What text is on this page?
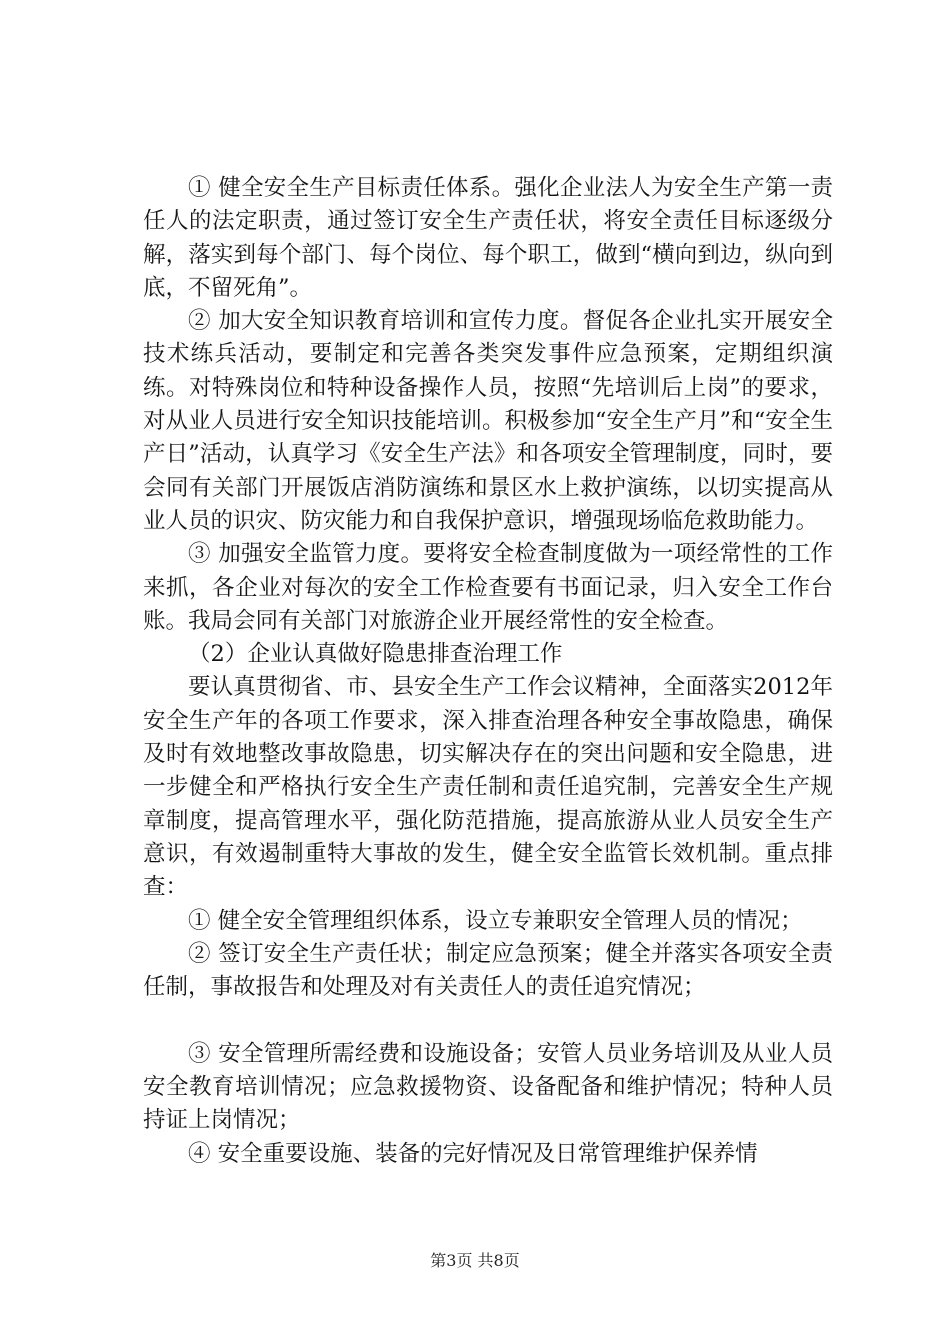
① 健全安全生产目标责任体系。强化企业法人为安全生产第一责任人的法定职责，通过签订安全生产责任状，将安全责任目标逐级分解，落实到每个部门、每个岗位、每个职工，做到“横向到边，纵向到底，不留死角”。

② 加大安全知识教育培训和宣传力度。督促各企业扎实开展安全技术练兵活动，要制定和完善各类突发事件应急预案，定期组织演练。对特殊岗位和特种设备操作人员，按照“先培训后上岗”的要求，对从业人员进行安全知识技能培训。积极参加“安全生产月”和“安全生产日”活动，认真学习《安全生产法》和各项安全管理制度，同时，要会同有关部门开展饭店消防演练和景区水上救护演练，以切实提高从业人员的识灾、防灾能力和自我保护意识，增强现场临危救助能力。

③ 加强安全监管力度。要将安全检查制度做为一项经常性的工作来抓，各企业对每次的安全工作检查要有书面记录，归入安全工作台账。我局会同有关部门对旅游企业开展经常性的安全检查。

（2）企业认真做好隐患排查治理工作

要认真贯彻省、市、县安全生产工作会议精神，全面落实2012年安全生产年的各项工作要求，深入排查治理各种安全事故隐患，确保及时有效地整改事故隐患，切实解决存在的突出问题和安全隐患，进一步健全和严格执行安全生产责任制和责任追究制，完善安全生产规章制度，提高管理水平，强化防范措施，提高旅游从业人员安全生产意识，有效遏制重特大事故的发生，健全安全监管长效机制。重点排查：

① 健全安全管理组织体系，设立专兼职安全管理人员的情况；

② 签订安全生产责任状；制定应急预案；健全并落实各项安全责任制，事故报告和处理及对有关责任人的责任追究情况；

③ 安全管理所需经费和设施设备；安管人员业务培训及从业人员安全教育培训情况；应急救援物资、设备配备和维护情况；特种人员持证上岗情况；

④ 安全重要设施、装备的完好情况及日常管理维护保养情

第3页 共8页
